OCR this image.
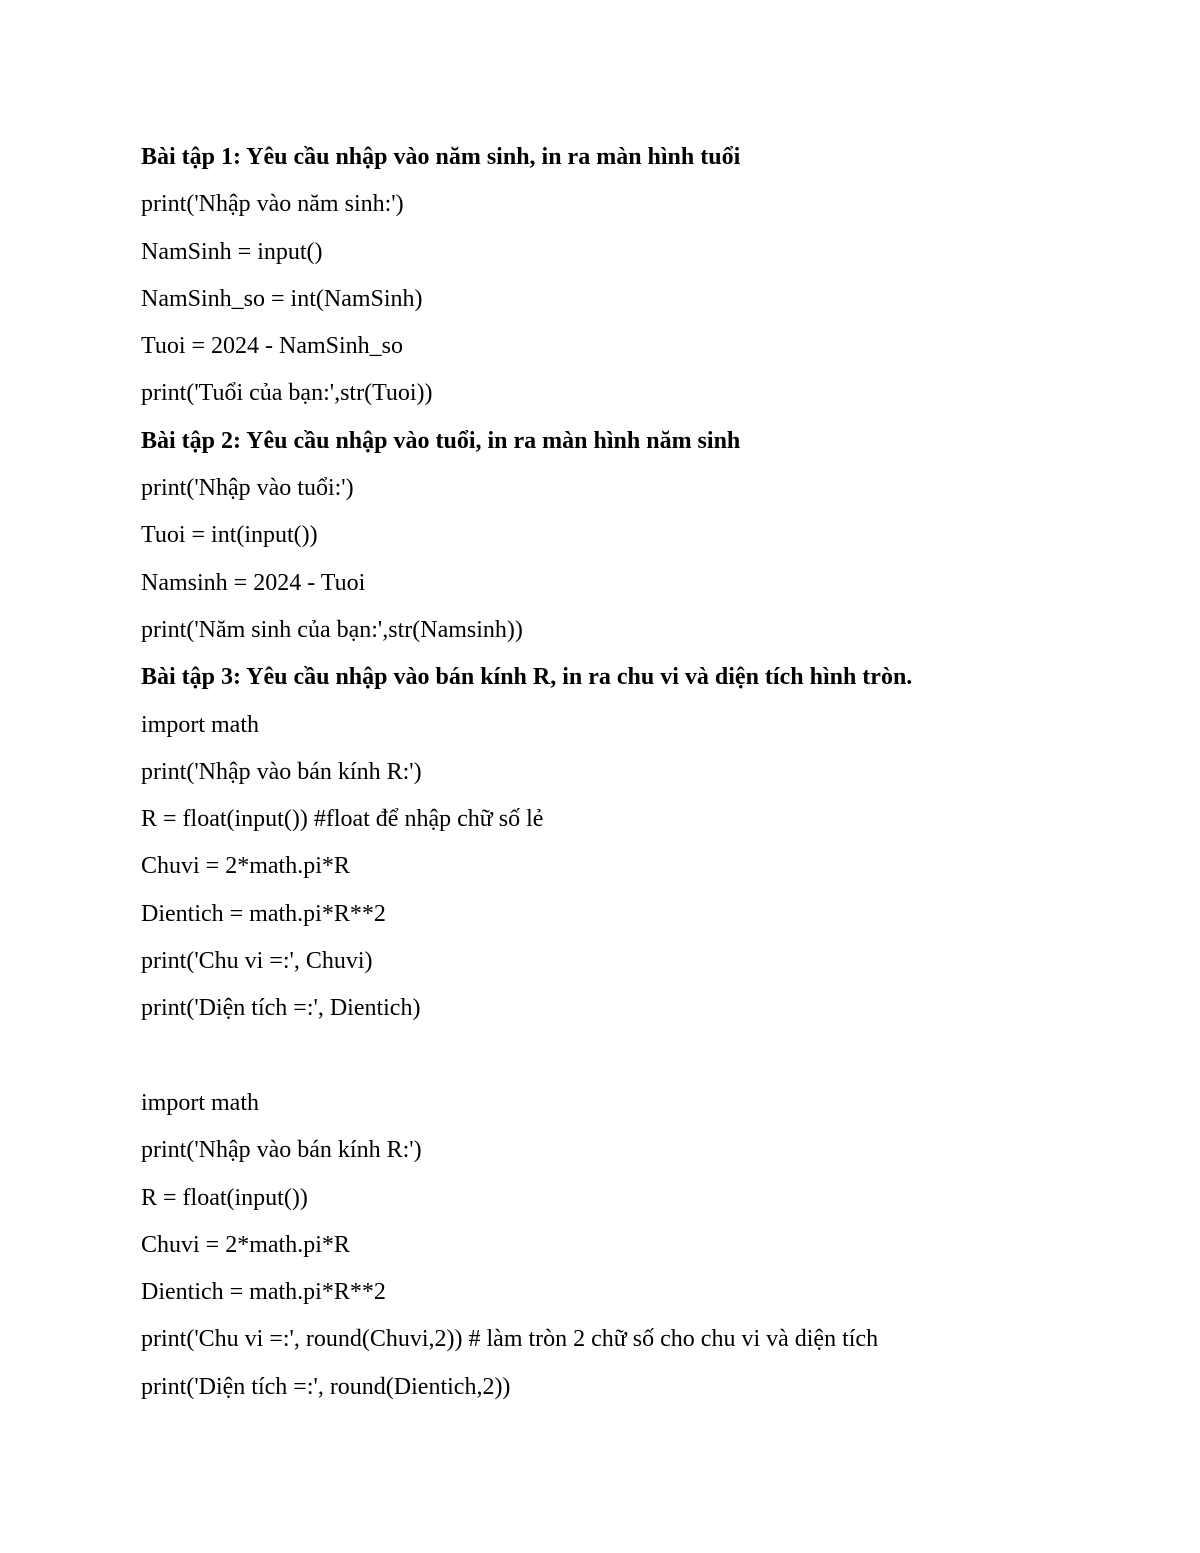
Bài tập 1: Yêu cầu nhập vào năm sinh, in ra màn hình tuổi
print('Nhập vào năm sinh:')
NamSinh = input()
NamSinh_so = int(NamSinh)
Tuoi = 2024 - NamSinh_so
print('Tuổi của bạn:',str(Tuoi))
Bài tập 2: Yêu cầu nhập vào tuổi, in ra màn hình năm sinh
print('Nhập vào tuổi:')
Tuoi = int(input())
Namsinh = 2024 - Tuoi
print('Năm sinh của bạn:',str(Namsinh))
Bài tập 3: Yêu cầu nhập vào bán kính R, in ra chu vi và diện tích hình tròn.
import math
print('Nhập vào bán kính R:')
R = float(input()) #float để nhập chữ số lẻ
Chuvi = 2*math.pi*R
Dientich = math.pi*R**2
print('Chu vi =:', Chuvi)
print('Diện tích =:', Dientich)
import math
print('Nhập vào bán kính R:')
R = float(input())
Chuvi = 2*math.pi*R
Dientich = math.pi*R**2
print('Chu vi =:', round(Chuvi,2)) # làm tròn 2 chữ số cho chu vi và diện tích
print('Diện tích =:', round(Dientich,2))
